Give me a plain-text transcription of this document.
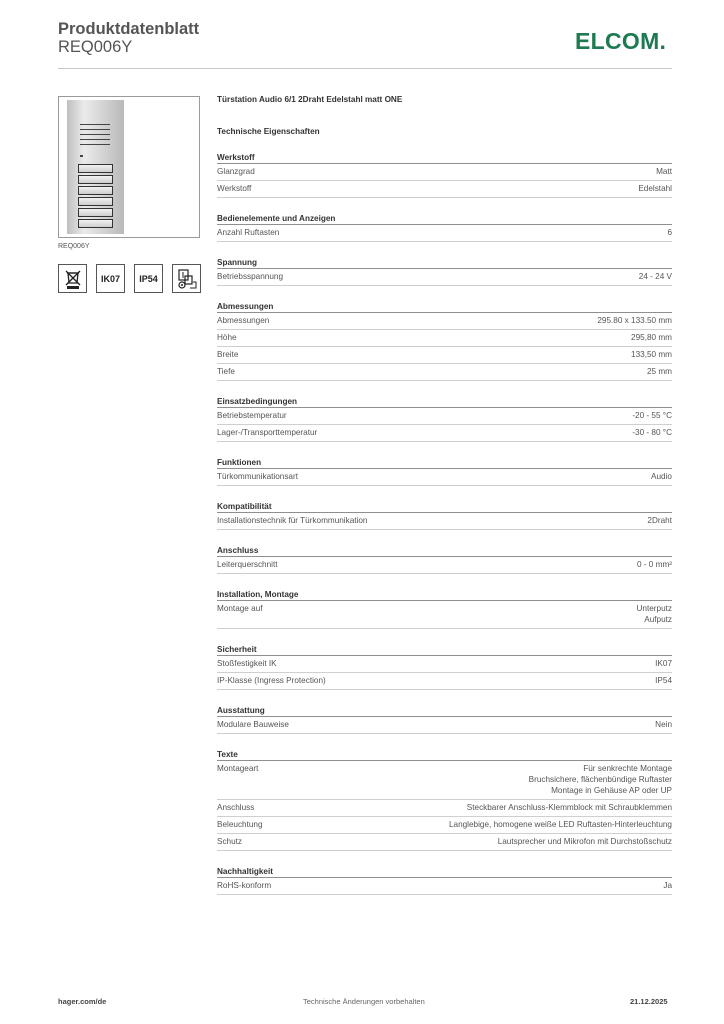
Produktdatenblatt
REQ006Y	ELCOM.
REQ006Y
IK07	IP54
Türstation Audio 6/1 2Draht Edelstahl matt ONE
Technische Eigenschaften
Werkstoff
Glanzgrad	Matt
Werkstoff	Edelstahl
Bedienelemente und Anzeigen
Anzahl Ruftasten	6
Spannung
Betriebsspannung	24 - 24 V
Abmessungen
Abmessungen	295.80 x 133.50 mm
Höhe	295,80 mm
Breite	133,50 mm
Tiefe	25 mm
Einsatzbedingungen
Betriebstemperatur	-20 - 55 °C
Lager-/Transporttemperatur	-30 - 80 °C
Funktionen
Türkommunikationsart	Audio
Kompatibilität
Installationstechnik für Türkommunikation	2Draht
Anschluss
Leiterquerschnitt	0 - 0 mm²
Installation, Montage
Montage auf	Unterputz
Aufputz
Sicherheit
Stoßfestigkeit IK	IK07
IP-Klasse (Ingress Protection)	IP54
Ausstattung
Modulare Bauweise	Nein
Texte
Montageart	Für senkrechte Montage
Bruchsichere, flächenbündige Ruftaster
Montage in Gehäuse AP oder UP
Anschluss	Steckbarer Anschluss-Klemmblock mit Schraubklemmen
Beleuchtung	Langlebige, homogene weiße LED Ruftasten-Hinterleuchtung
Schutz	Lautsprecher und Mikrofon mit Durchstoßschutz
Nachhaltigkeit
RoHS-konform	Ja
hager.com/de	Technische Änderungen vorbehalten	21.12.2025
